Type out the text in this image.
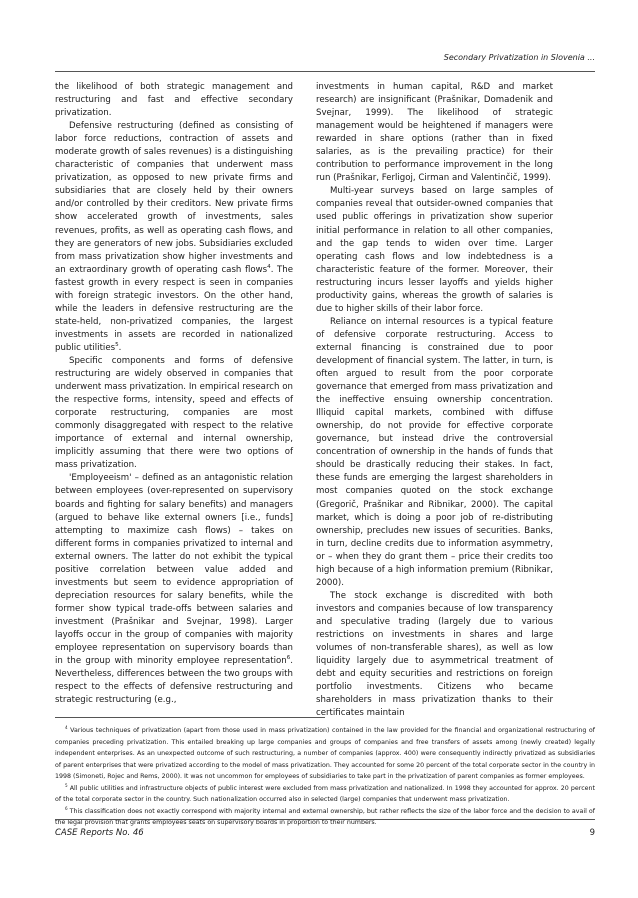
Secondary Privatization in Slovenia ...

the likelihood of both strategic management and restructuring and fast and effective secondary privatization.

Defensive restructuring (defined as consisting of labor force reductions, contraction of assets and moderate growth of sales revenues) is a distinguishing characteristic of companies that underwent mass privatization, as opposed to new private firms and subsidiaries that are closely held by their owners and/or controlled by their creditors. New private firms show accelerated growth of investments, sales revenues, profits, as well as operating cash flows, and they are generators of new jobs. Subsidiaries excluded from mass privatization show higher investments and an extraordinary growth of operating cash flows$^4$. The fastest growth in every respect is seen in companies with foreign strategic investors. On the other hand, while the leaders in defensive restructuring are the state-held, non-privatized companies, the largest investments in assets are recorded in nationalized public utilities$^5$.

Specific components and forms of defensive restructuring are widely observed in companies that underwent mass privatization. In empirical research on the respective forms, intensity, speed and effects of corporate restructuring, companies are most commonly disaggregated with respect to the relative importance of external and internal ownership, implicitly assuming that there were two options of mass privatization.

'Employeeism' – defined as an antagonistic relation between employees (over-represented on supervisory boards and fighting for salary benefits) and managers (argued to behave like external owners [i.e., funds] attempting to maximize cash flows) – takes on different forms in companies privatized to internal and external owners. The latter do not exhibit the typical positive correlation between value added and investments but seem to evidence appropriation of depreciation resources for salary benefits, while the former show typical trade-offs between salaries and investment (Prašnikar and Svejnar, 1998). Larger layoffs occur in the group of companies with majority employee representation on supervisory boards than in the group with minority employee representation$^6$. Nevertheless, differences between the two groups with respect to the effects of defensive restructuring and strategic restructuring (e.g.,

investments in human capital, R&D and market research) are insignificant (Prašnikar, Domadenik and Svejnar, 1999). The likelihood of strategic management would be heightened if managers were rewarded in share options (rather than in fixed salaries, as is the prevailing practice) for their contribution to performance improvement in the long run (Prašnikar, Ferligoj, Cirman and Valentinčič, 1999).

Multi-year surveys based on large samples of companies reveal that outsider-owned companies that used public offerings in privatization show superior initial performance in relation to all other companies, and the gap tends to widen over time. Larger operating cash flows and low indebtedness is a characteristic feature of the former. Moreover, their restructuring incurs lesser layoffs and yields higher productivity gains, whereas the growth of salaries is due to higher skills of their labor force.

Reliance on internal resources is a typical feature of defensive corporate restructuring. Access to external financing is constrained due to poor development of financial system. The latter, in turn, is often argued to result from the poor corporate governance that emerged from mass privatization and the ineffective ensuing ownership concentration. Illiquid capital markets, combined with diffuse ownership, do not provide for effective corporate governance, but instead drive the controversial concentration of ownership in the hands of funds that should be drastically reducing their stakes. In fact, these funds are emerging the largest shareholders in most companies quoted on the stock exchange (Gregorič, Prašnikar and Ribnikar, 2000). The capital market, which is doing a poor job of re-distributing ownership, precludes new issues of securities. Banks, in turn, decline credits due to information asymmetry, or – when they do grant them – price their credits too high because of a high information premium (Ribnikar, 2000).

The stock exchange is discredited with both investors and companies because of low transparency and speculative trading (largely due to various restrictions on investments in shares and large volumes of non-transferable shares), as well as low liquidity largely due to asymmetrical treatment of debt and equity securities and restrictions on foreign portfolio investments. Citizens who became shareholders in mass privatization thanks to their certificates maintain

$^4$ Various techniques of privatization (apart from those used in mass privatization) contained in the law provided for the financial and organizational restructuring of companies preceding privatization. This entailed breaking up large companies and groups of companies and free transfers of assets among (newly created) legally independent enterprises. As an unexpected outcome of such restructuring, a number of companies (approx. 400) were consequently indirectly privatized as subsidiaries of parent enterprises that were privatized according to the model of mass privatization. They accounted for some 20 percent of the total corporate sector in the country in 1998 (Simoneti, Rojec and Rems, 2000). It was not uncommon for employees of subsidiaries to take part in the privatization of parent companies as former employees.

$^5$ All public utilities and infrastructure objects of public interest were excluded from mass privatization and nationalized. In 1998 they accounted for approx. 20 percent of the total corporate sector in the country. Such nationalization occurred also in selected (large) companies that underwent mass privatization.

$^6$ This classification does not exactly correspond with majority internal and external ownership, but rather reflects the size of the labor force and the decision to avail of the legal provision that grants employees seats on supervisory boards in proportion to their numbers.

CASE Reports No. 46	9
